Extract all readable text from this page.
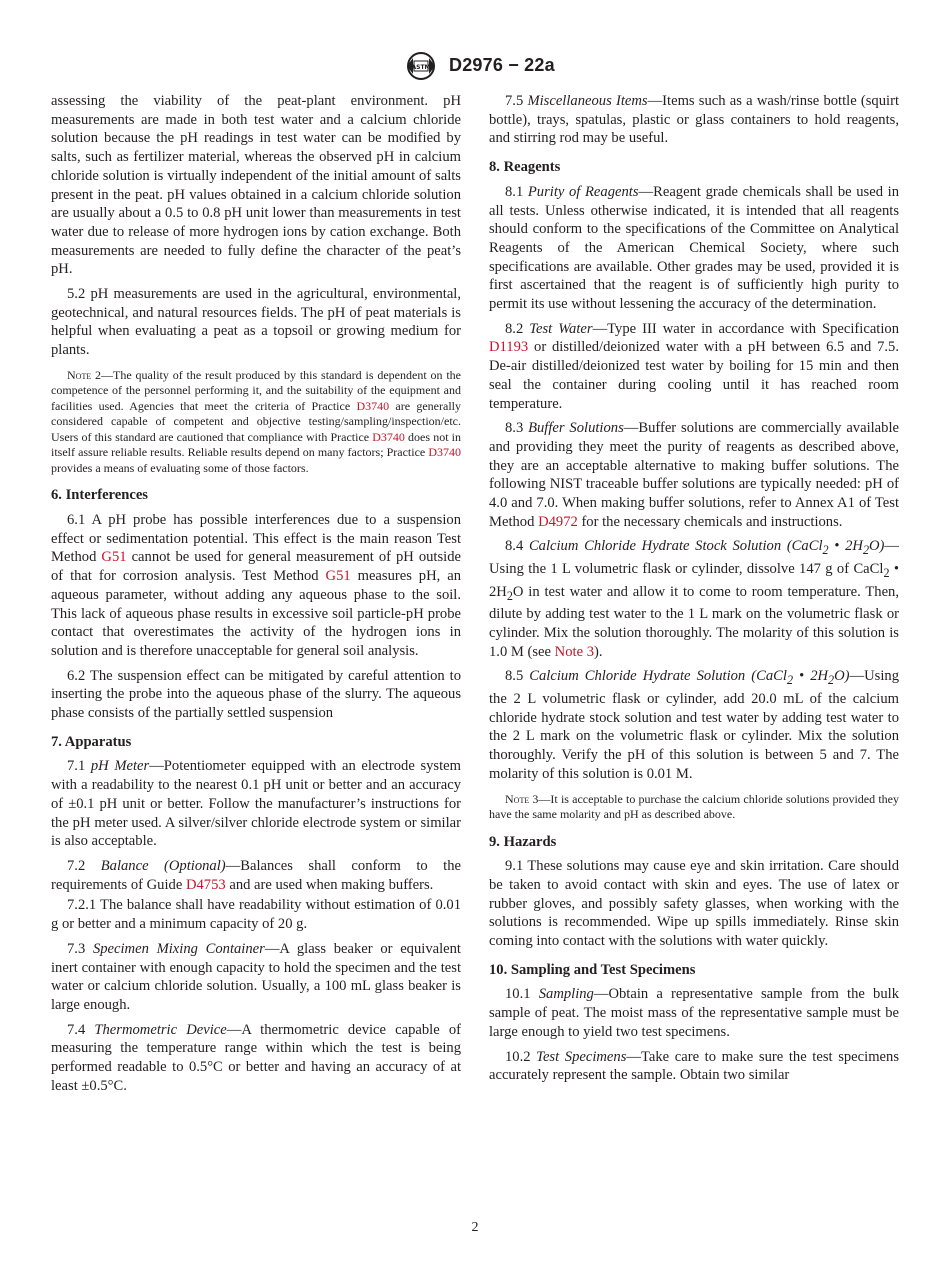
ASTM D2976 − 22a

assessing the viability of the peat-plant environment. pH measurements are made in both test water and a calcium chloride solution because the pH readings in test water can be modified by salts, such as fertilizer material, whereas the observed pH in calcium chloride solution is virtually independent of the initial amount of salts present in the peat. pH values obtained in a calcium chloride solution are usually about a 0.5 to 0.8 pH unit lower than measurements in test water due to release of more hydrogen ions by cation exchange. Both measurements are needed to fully define the character of the peat’s pH.

5.2 pH measurements are used in the agricultural, environmental, geotechnical, and natural resources fields. The pH of peat materials is helpful when evaluating a peat as a topsoil or growing medium for plants.

Note 2—The quality of the result produced by this standard is dependent on the competence of the personnel performing it, and the suitability of the equipment and facilities used. Agencies that meet the criteria of Practice D3740 are generally considered capable of competent and objective testing/sampling/inspection/etc. Users of this standard are cautioned that compliance with Practice D3740 does not in itself assure reliable results. Reliable results depend on many factors; Practice D3740 provides a means of evaluating some of those factors.
6. Interferences

6.1 A pH probe has possible interferences due to a suspension effect or sedimentation potential. This effect is the main reason Test Method G51 cannot be used for general measurement of pH outside of that for corrosion analysis. Test Method G51 measures pH, an aqueous parameter, without adding any aqueous phase to the soil. This lack of aqueous phase results in excessive soil particle-pH probe contact that overestimates the activity of the hydrogen ions in solution and is therefore unacceptable for general soil analysis.

6.2 The suspension effect can be mitigated by careful attention to inserting the probe into the aqueous phase of the slurry. The aqueous phase consists of the partially settled suspension

7. Apparatus

7.1 pH Meter—Potentiometer equipped with an electrode system with a readability to the nearest 0.1 pH unit or better and an accuracy of ±0.1 pH unit or better. Follow the manufacturer’s instructions for the pH meter used. A silver/silver chloride electrode system or similar is also acceptable.

7.2 Balance (Optional)—Balances shall conform to the requirements of Guide D4753 and are used when making buffers.

7.2.1 The balance shall have readability without estimation of 0.01 g or better and a minimum capacity of 20 g.

7.3 Specimen Mixing Container—A glass beaker or equivalent inert container with enough capacity to hold the specimen and the test water or calcium chloride solution. Usually, a 100 mL glass beaker is large enough.

7.4 Thermometric Device—A thermometric device capable of measuring the temperature range within which the test is being performed readable to 0.5°C or better and having an accuracy of at least ±0.5°C.

7.5 Miscellaneous Items—Items such as a wash/rinse bottle (squirt bottle), trays, spatulas, plastic or glass containers to hold reagents, and stirring rod may be useful.

8. Reagents

8.1 Purity of Reagents—Reagent grade chemicals shall be used in all tests. Unless otherwise indicated, it is intended that all reagents should conform to the specifications of the Committee on Analytical Reagents of the American Chemical Society, where such specifications are available. Other grades may be used, provided it is first ascertained that the reagent is of sufficiently high purity to permit its use without lessening the accuracy of the determination.

8.2 Test Water—Type III water in accordance with Specification D1193 or distilled/deionized water with a pH between 6.5 and 7.5. De-air distilled/deionized test water by boiling for 15 min and then seal the container during cooling until it has reached room temperature.

8.3 Buffer Solutions—Buffer solutions are commercially available and providing they meet the purity of reagents as described above, they are an acceptable alternative to making buffer solutions. The following NIST traceable buffer solutions are typically needed: pH of 4.0 and 7.0. When making buffer solutions, refer to Annex A1 of Test Method D4972 for the necessary chemicals and instructions.

8.4 Calcium Chloride Hydrate Stock Solution (CaCl$_2$ • $2H_2O)—Using$ the 1 L volumetric flask or cylinder, dissolve 147 g of CaCl$_2$ • $2H_2O$ in test water and allow it to come to room temperature. Then, dilute by adding test water to the 1 L mark on the volumetric flask or cylinder. Mix the solution thoroughly. The molarity of this solution is 1.0 M (see Note 3).

8.5 Calcium Chloride Hydrate Solution (CaCl$_2$ • $2H_2O)—Using$ the 2 L volumetric flask or cylinder, add 20.0 mL of the calcium chloride hydrate stock solution and test water by adding test water to the 2 L mark on the volumetric flask or cylinder. Mix the solution thoroughly. Verify the pH of this solution is between 5 and 7. The molarity of this solution is 0.01 M.

Note 3—It is acceptable to purchase the calcium chloride solutions provided they have the same molarity and pH as described above.
9. Hazards

9.1 These solutions may cause eye and skin irritation. Care should be taken to avoid contact with skin and eyes. The use of latex or rubber gloves, and possibly safety glasses, when working with the solutions is recommended. Wipe up spills immediately. Rinse skin coming into contact with the solutions with water quickly.

10. Sampling and Test Specimens

10.1 Sampling—Obtain a representative sample from the bulk sample of peat. The moist mass of the representative sample must be large enough to yield two test specimens.

10.2 Test Specimens—Take care to make sure the test specimens accurately represent the sample. Obtain two similar

2
